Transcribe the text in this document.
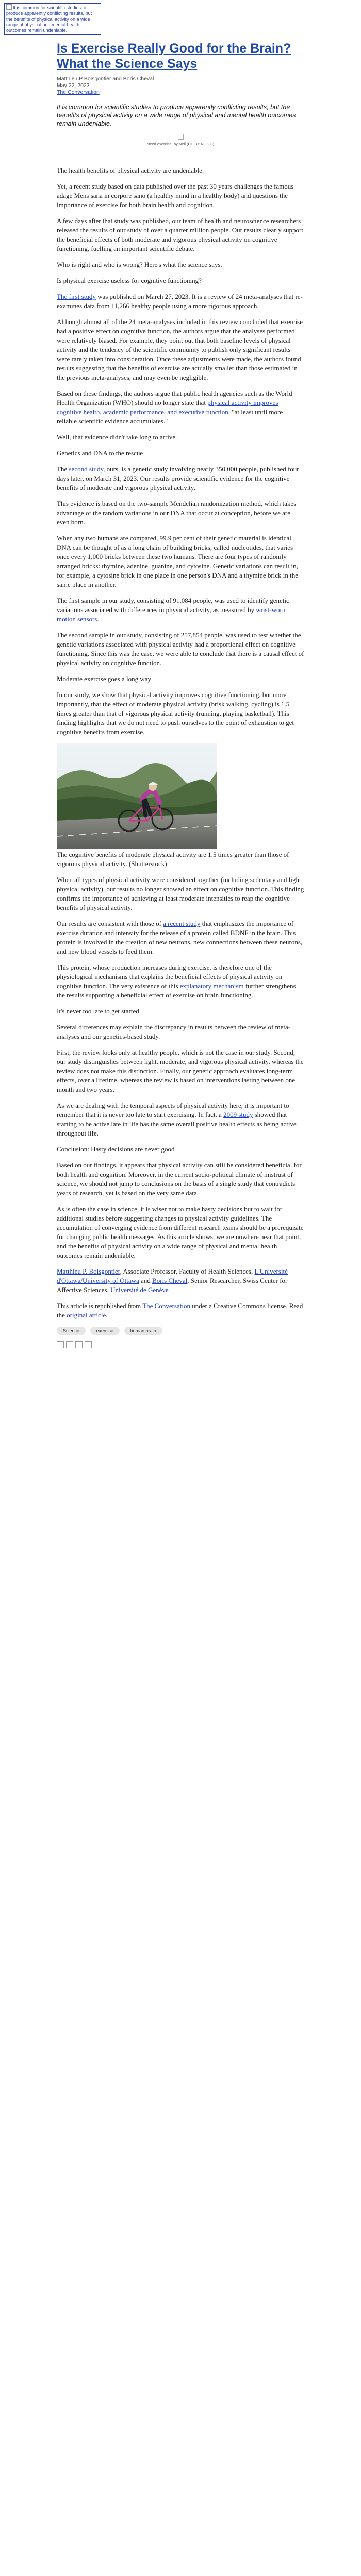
It is common for scientific studies to produce apparently conflicting results, but the benefits of physical activity on a wide range of physical and mental health outcomes remain undeniable.
Is Exercise Really Good for the Brain? What the Science Says
Matthieu P Boisgontier and Boris Cheval
May 22, 2023
The Conversation
It is common for scientific studies to produce apparently conflicting results, but the benefits of physical activity on a wide range of physical and mental health outcomes remain undeniable.
Need exercise. by Nell (CC BY-NC 2.0)

The health benefits of physical activity are undeniable.

Yet, a recent study based on data published over the past 30 years challenges the famous adage Mens sana in corpore sano (a healthy mind in a healthy body) and questions the importance of exercise for both brain health and cognition.

A few days after that study was published, our team of health and neuroscience researchers released the results of our study of over a quarter million people. Our results clearly support the beneficial effects of both moderate and vigorous physical activity on cognitive functioning, fuelling an important scientific debate.

Who is right and who is wrong? Here's what the science says.

Is physical exercise useless for cognitive functioning?

The first study was published on March 27, 2023. It is a review of 24 meta-analyses that re-examines data from 11,266 healthy people using a more rigorous approach.

Although almost all of the 24 meta-analyses included in this review concluded that exercise had a positive effect on cognitive function, the authors argue that the analyses performed were relatively biased. For example, they point out that both baseline levels of physical activity and the tendency of the scientific community to publish only significant results were rarely taken into consideration. Once these adjustments were made, the authors found results suggesting that the benefits of exercise are actually smaller than those estimated in the previous meta-analyses, and may even be negligible.

Based on these findings, the authors argue that public health agencies such as the World Health Organization (WHO) should no longer state that physical activity improves cognitive health, academic performance, and executive function, "at least until more reliable scientific evidence accumulates."

Well, that evidence didn't take long to arrive.

Genetics and DNA to the rescue

The second study, ours, is a genetic study involving nearly 350,000 people, published four days later, on March 31, 2023. Our results provide scientific evidence for the cognitive benefits of moderate and vigorous physical activity.

This evidence is based on the two-sample Mendelian randomization method, which takes advantage of the random variations in our DNA that occur at conception, before we are even born.

When any two humans are compared, 99.9 per cent of their genetic material is identical. DNA can be thought of as a long chain of building bricks, called nucleotides, that varies once every 1,000 bricks between these two humans. There are four types of randomly arranged bricks: thymine, adenine, guanine, and cytosine. Genetic variations can result in, for example, a cytosine brick in one place in one person's DNA and a thymine brick in the same place in another.

The first sample in our study, consisting of 91,084 people, was used to identify genetic variations associated with differences in physical activity, as measured by wrist-worn motion sensors.

The second sample in our study, consisting of 257,854 people, was used to test whether the genetic variations associated with physical activity had a proportional effect on cognitive functioning. Since this was the case, we were able to conclude that there is a causal effect of physical activity on cognitive function.

Moderate exercise goes a long way

In our study, we show that physical activity improves cognitive functioning, but more importantly, that the effect of moderate physical activity (brisk walking, cycling) is 1.5 times greater than that of vigorous physical activity (running, playing basketball). This finding highlights that we do not need to push ourselves to the point of exhaustion to get cognitive benefits from exercise.

The cognitive benefits of moderate physical activity are 1.5 times greater than those of vigorous physical activity. (Shutterstock)

When all types of physical activity were considered together (including sedentary and light physical activity), our results no longer showed an effect on cognitive function. This finding confirms the importance of achieving at least moderate intensities to reap the cognitive benefits of physical activity.

Our results are consistent with those of a recent study that emphasizes the importance of exercise duration and intensity for the release of a protein called BDNF in the brain. This protein is involved in the creation of new neurons, new connections between these neurons, and new blood vessels to feed them.

This protein, whose production increases during exercise, is therefore one of the physiological mechanisms that explains the beneficial effects of physical activity on cognitive function. The very existence of this explanatory mechanism further strengthens the results supporting a beneficial effect of exercise on brain functioning.

It's never too late to get started

Several differences may explain the discrepancy in results between the review of meta-analyses and our genetics-based study.

First, the review looks only at healthy people, which is not the case in our study. Second, our study distinguishes between light, moderate, and vigorous physical activity, whereas the review does not make this distinction. Finally, our genetic approach evaluates long-term effects, over a lifetime, whereas the review is based on interventions lasting between one month and two years.

As we are dealing with the temporal aspects of physical activity here, it is important to remember that it is never too late to start exercising. In fact, a 2009 study showed that starting to be active late in life has the same overall positive health effects as being active throughout life.

Conclusion: Hasty decisions are never good

Based on our findings, it appears that physical activity can still be considered beneficial for both health and cognition. Moreover, in the current socio-political climate of mistrust of science, we should not jump to conclusions on the basis of a single study that contradicts years of research, yet is based on the very same data.

As is often the case in science, it is wiser not to make hasty decisions but to wait for additional studies before suggesting changes to physical activity guidelines. The accumulation of converging evidence from different research teams should be a prerequisite for changing public health messages. As this article shows, we are nowhere near that point, and the benefits of physical activity on a wide range of physical and mental health outcomes remain undeniable.

Matthieu P. Boisgontier, Associate Professor, Faculty of Health Sciences, L'Université d'Ottawa/University of Ottawa and Boris Cheval, Senior Researcher, Swiss Center for Affective Sciences, Université de Genève

This article is republished from The Conversation under a Creative Commons license. Read the original article.

Science	exercise	human brain
